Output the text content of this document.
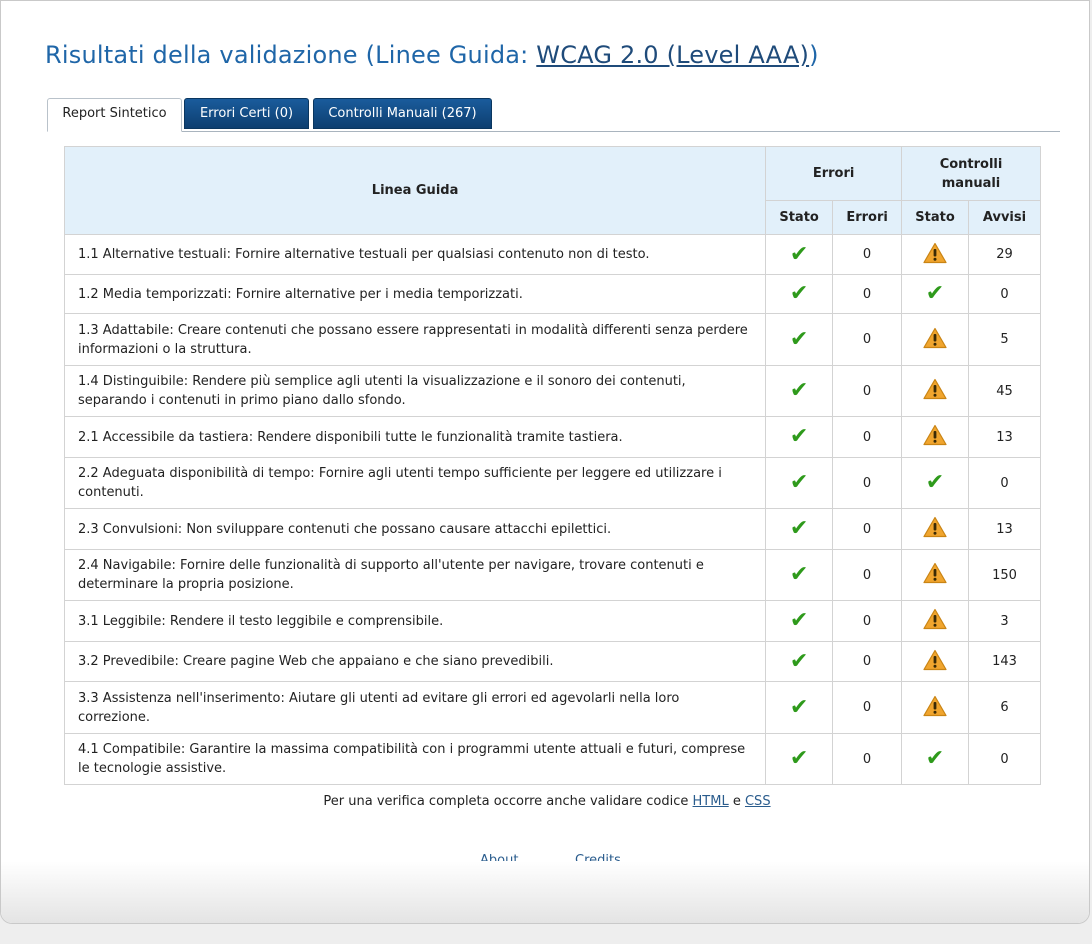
Risultati della validazione (Linee Guida: WCAG 2.0 (Level AAA))
Report Sintetico	Errori Certi (0)	Controlli Manuali (267)
Linea Guida	Errori		Controlli manuali	
	Stato	Errori	Stato	Avvisi
1.1 Alternative testuali: Fornire alternative testuali per qualsiasi contenuto non di testo.	✔	0		29
1.2 Media temporizzati: Fornire alternative per i media temporizzati.	✔	0	✔	0
1.3 Adattabile: Creare contenuti che possano essere rappresentati in modalità differenti senza perdere informazioni o la struttura.	✔	0		5
1.4 Distinguibile: Rendere più semplice agli utenti la visualizzazione e il sonoro dei contenuti, separando i contenuti in primo piano dallo sfondo.	✔	0		45
2.1 Accessibile da tastiera: Rendere disponibili tutte le funzionalità tramite tastiera.	✔	0		13
2.2 Adeguata disponibilità di tempo: Fornire agli utenti tempo sufficiente per leggere ed utilizzare i contenuti.	✔	0	✔	0
2.3 Convulsioni: Non sviluppare contenuti che possano causare attacchi epilettici.	✔	0		13
2.4 Navigabile: Fornire delle funzionalità di supporto all'utente per navigare, trovare contenuti e determinare la propria posizione.	✔	0		150
3.1 Leggibile: Rendere il testo leggibile e comprensibile.	✔	0		3
3.2 Prevedibile: Creare pagine Web che appaiano e che siano prevedibili.	✔	0		143
3.3 Assistenza nell'inserimento: Aiutare gli utenti ad evitare gli errori ed agevolarli nella loro correzione.	✔	0		6
4.1 Compatibile: Garantire la massima compatibilità con i programmi utente attuali e futuri, comprese le tecnologie assistive.	✔	0	✔	0
Per una verifica completa occorre anche validare codice HTML e CSS
